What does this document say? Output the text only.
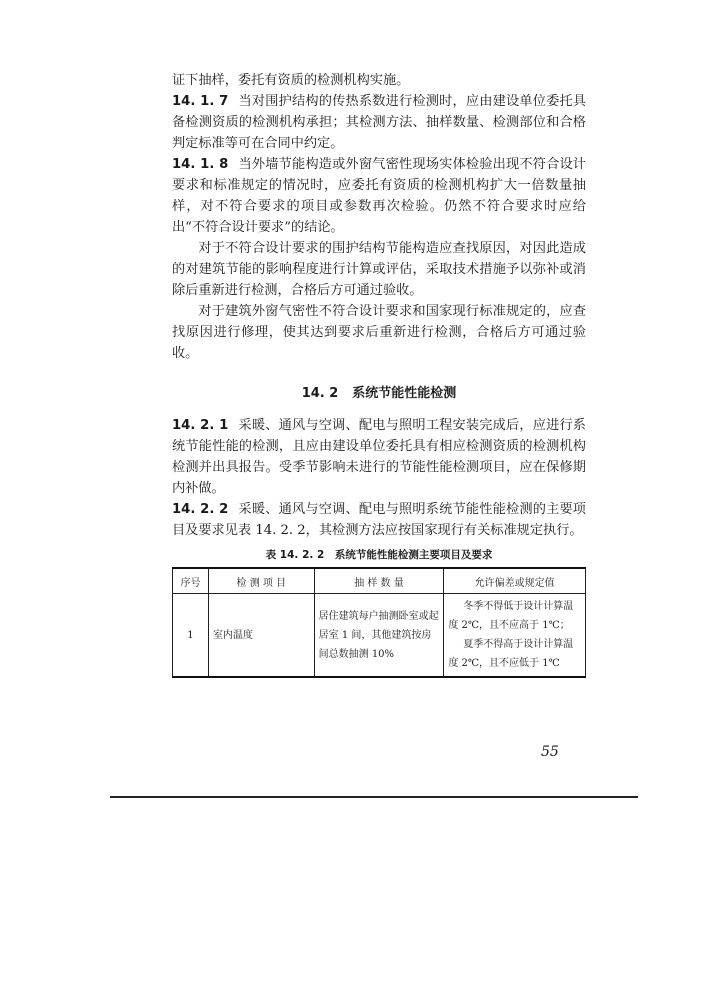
证下抽样，委托有资质的检测机构实施。

14. 1. 7 当对围护结构的传热系数进行检测时，应由建设单位委托具备检测资质的检测机构承担；其检测方法、抽样数量、检测部位和合格判定标准等可在合同中约定。

14. 1. 8 当外墙节能构造或外窗气密性现场实体检验出现不符合设计要求和标准规定的情况时，应委托有资质的检测机构扩大一倍数量抽样，对不符合要求的项目或参数再次检验。仍然不符合要求时应给出“不符合设计要求”的结论。

对于不符合设计要求的围护结构节能构造应查找原因，对因此造成的对建筑节能的影响程度进行计算或评估，采取技术措施予以弥补或消除后重新进行检测，合格后方可通过验收。

对于建筑外窗气密性不符合设计要求和国家现行标准规定的，应查找原因进行修理，使其达到要求后重新进行检测，合格后方可通过验收。

14. 2 系统节能性能检测

14. 2. 1 采暖、通风与空调、配电与照明工程安装完成后，应进行系统节能性能的检测，且应由建设单位委托具有相应检测资质的检测机构检测并出具报告。受季节影响未进行的节能性能检测项目，应在保修期内补做。

14. 2. 2 采暖、通风与空调、配电与照明系统节能性能检测的主要项目及要求见表 14. 2. 2，其检测方法应按国家现行有关标准规定执行。

表 14. 2. 2　系统节能性能检测主要项目及要求
序号	检 测 项 目	抽 样 数 量	允许偏差或规定值
1	室内温度	居住建筑每户抽测卧室或起居室 1 间，其他建筑按房间总数抽测 10%	冬季不得低于设计计算温度 2℃，且不应高于 1℃；
夏季不得高于设计计算温度 2℃，且不应低于 1℃
55
